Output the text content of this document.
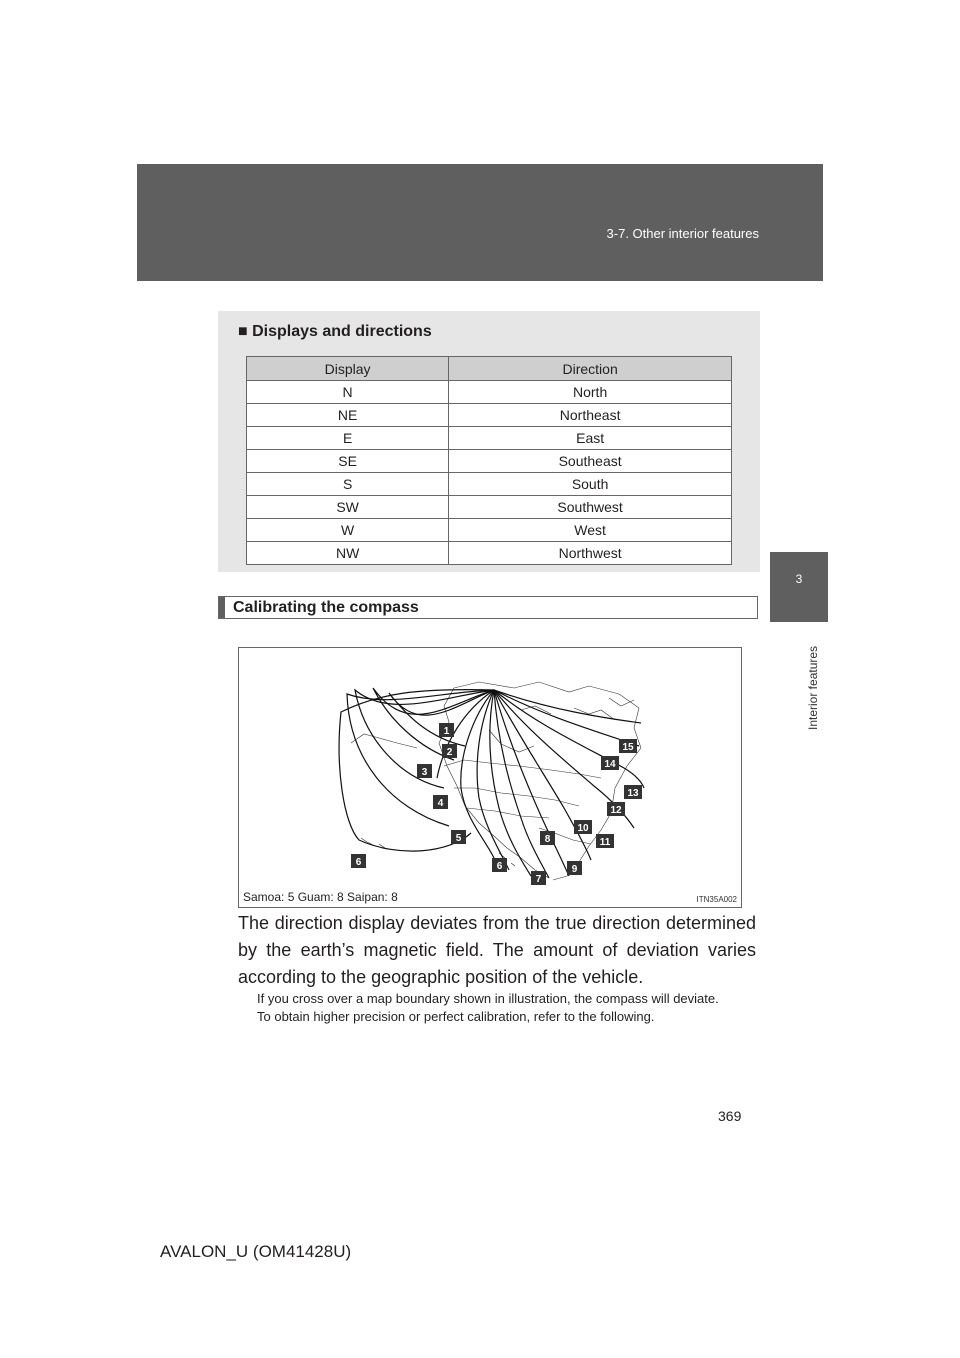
3-7. Other interior features
3
Interior features
■ Displays and directions
Display	Direction
N	North
NE	Northeast
E	East
SE	Southeast
S	South
SW	Southwest
W	West
NW	Northwest
Calibrating the compass
1
2
3
4
5
6	6
7
8
9
10
11
12
13
14
15
Samoa: 5 Guam: 8 Saipan: 8	ITN35A002
The direction display deviates from the true direction determined by the earth’s magnetic field. The amount of deviation varies according to the geographic position of the vehicle.

If you cross over a map boundary shown in illustration, the compass will deviate.

To obtain higher precision or perfect calibration, refer to the following.

369
AVALON_U (OM41428U)
